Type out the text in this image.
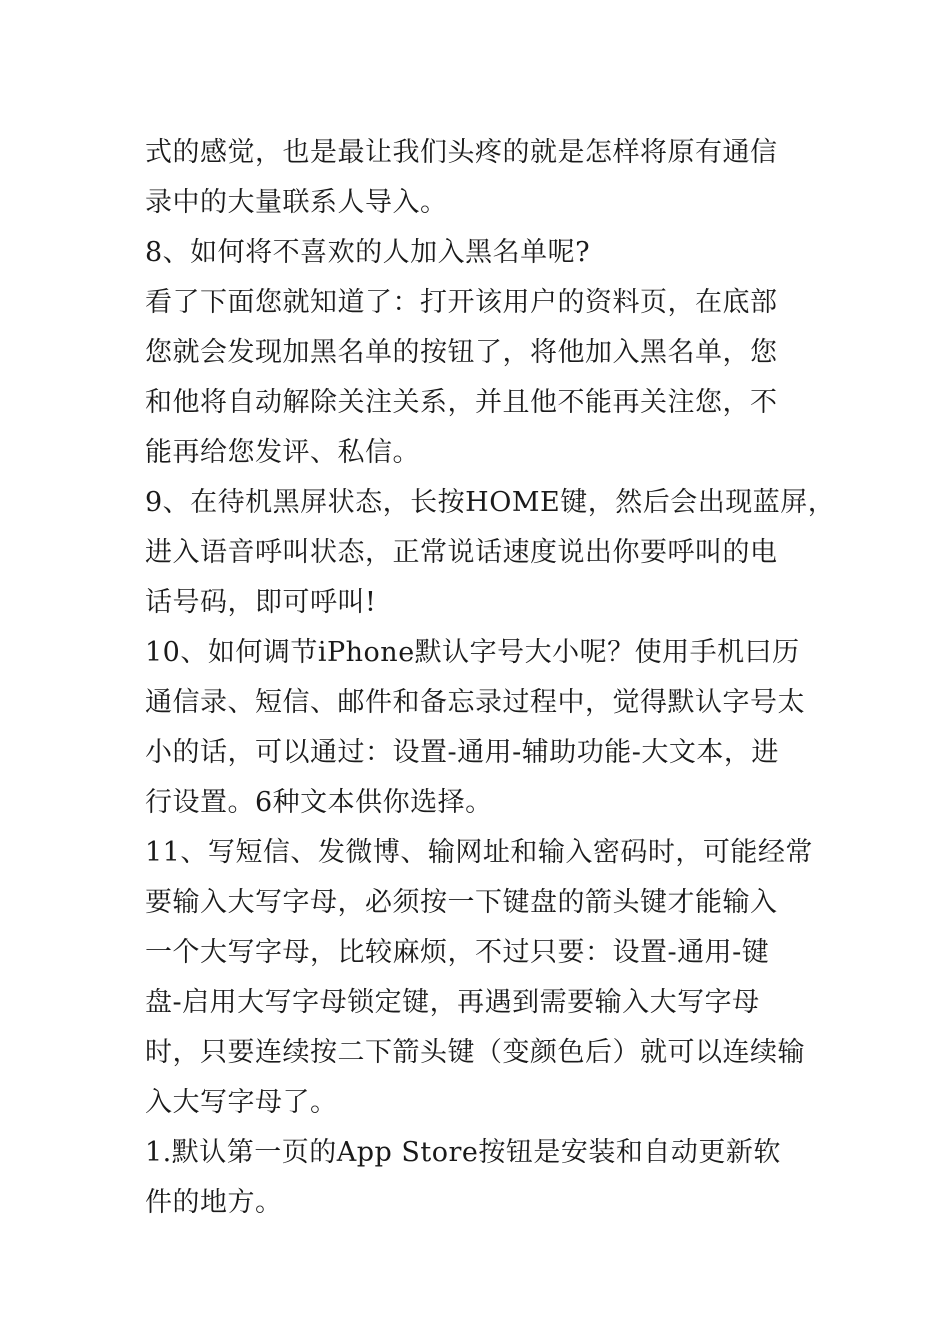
式的感觉，也是最让我们头疼的就是怎样将原有通信
录中的大量联系人导入。

8、如何将不喜欢的人加入黑名单呢?

看了下面您就知道了：打开该用户的资料页，在底部
您就会发现加黑名单的按钮了，将他加入黑名单，您
和他将自动解除关注关系，并且他不能再关注您，不
能再给您发评、私信。

9、在待机黑屏状态，长按HOME键，然后会出现蓝屏，
进入语音呼叫状态，正常说话速度说出你要呼叫的电
话号码，即可呼叫!

10、如何调节iPhone默认字号大小呢？使用手机曰历
通信录、短信、邮件和备忘录过程中，觉得默认字号太
小的话，可以通过：设置-通用-辅助功能-大文本，进
行设置。6种文本供你选择。

11、写短信、发微博、输网址和输入密码时，可能经常
要输入大写字母，必须按一下键盘的箭头键才能输入
一个大写字母，比较麻烦，不过只要：设置-通用-键
盘-启用大写字母锁定键，再遇到需要输入大写字母
时，只要连续按二下箭头键（变颜色后）就可以连续输
入大写字母了。

1.默认第一页的App Store按钮是安装和自动更新软
件的地方。
